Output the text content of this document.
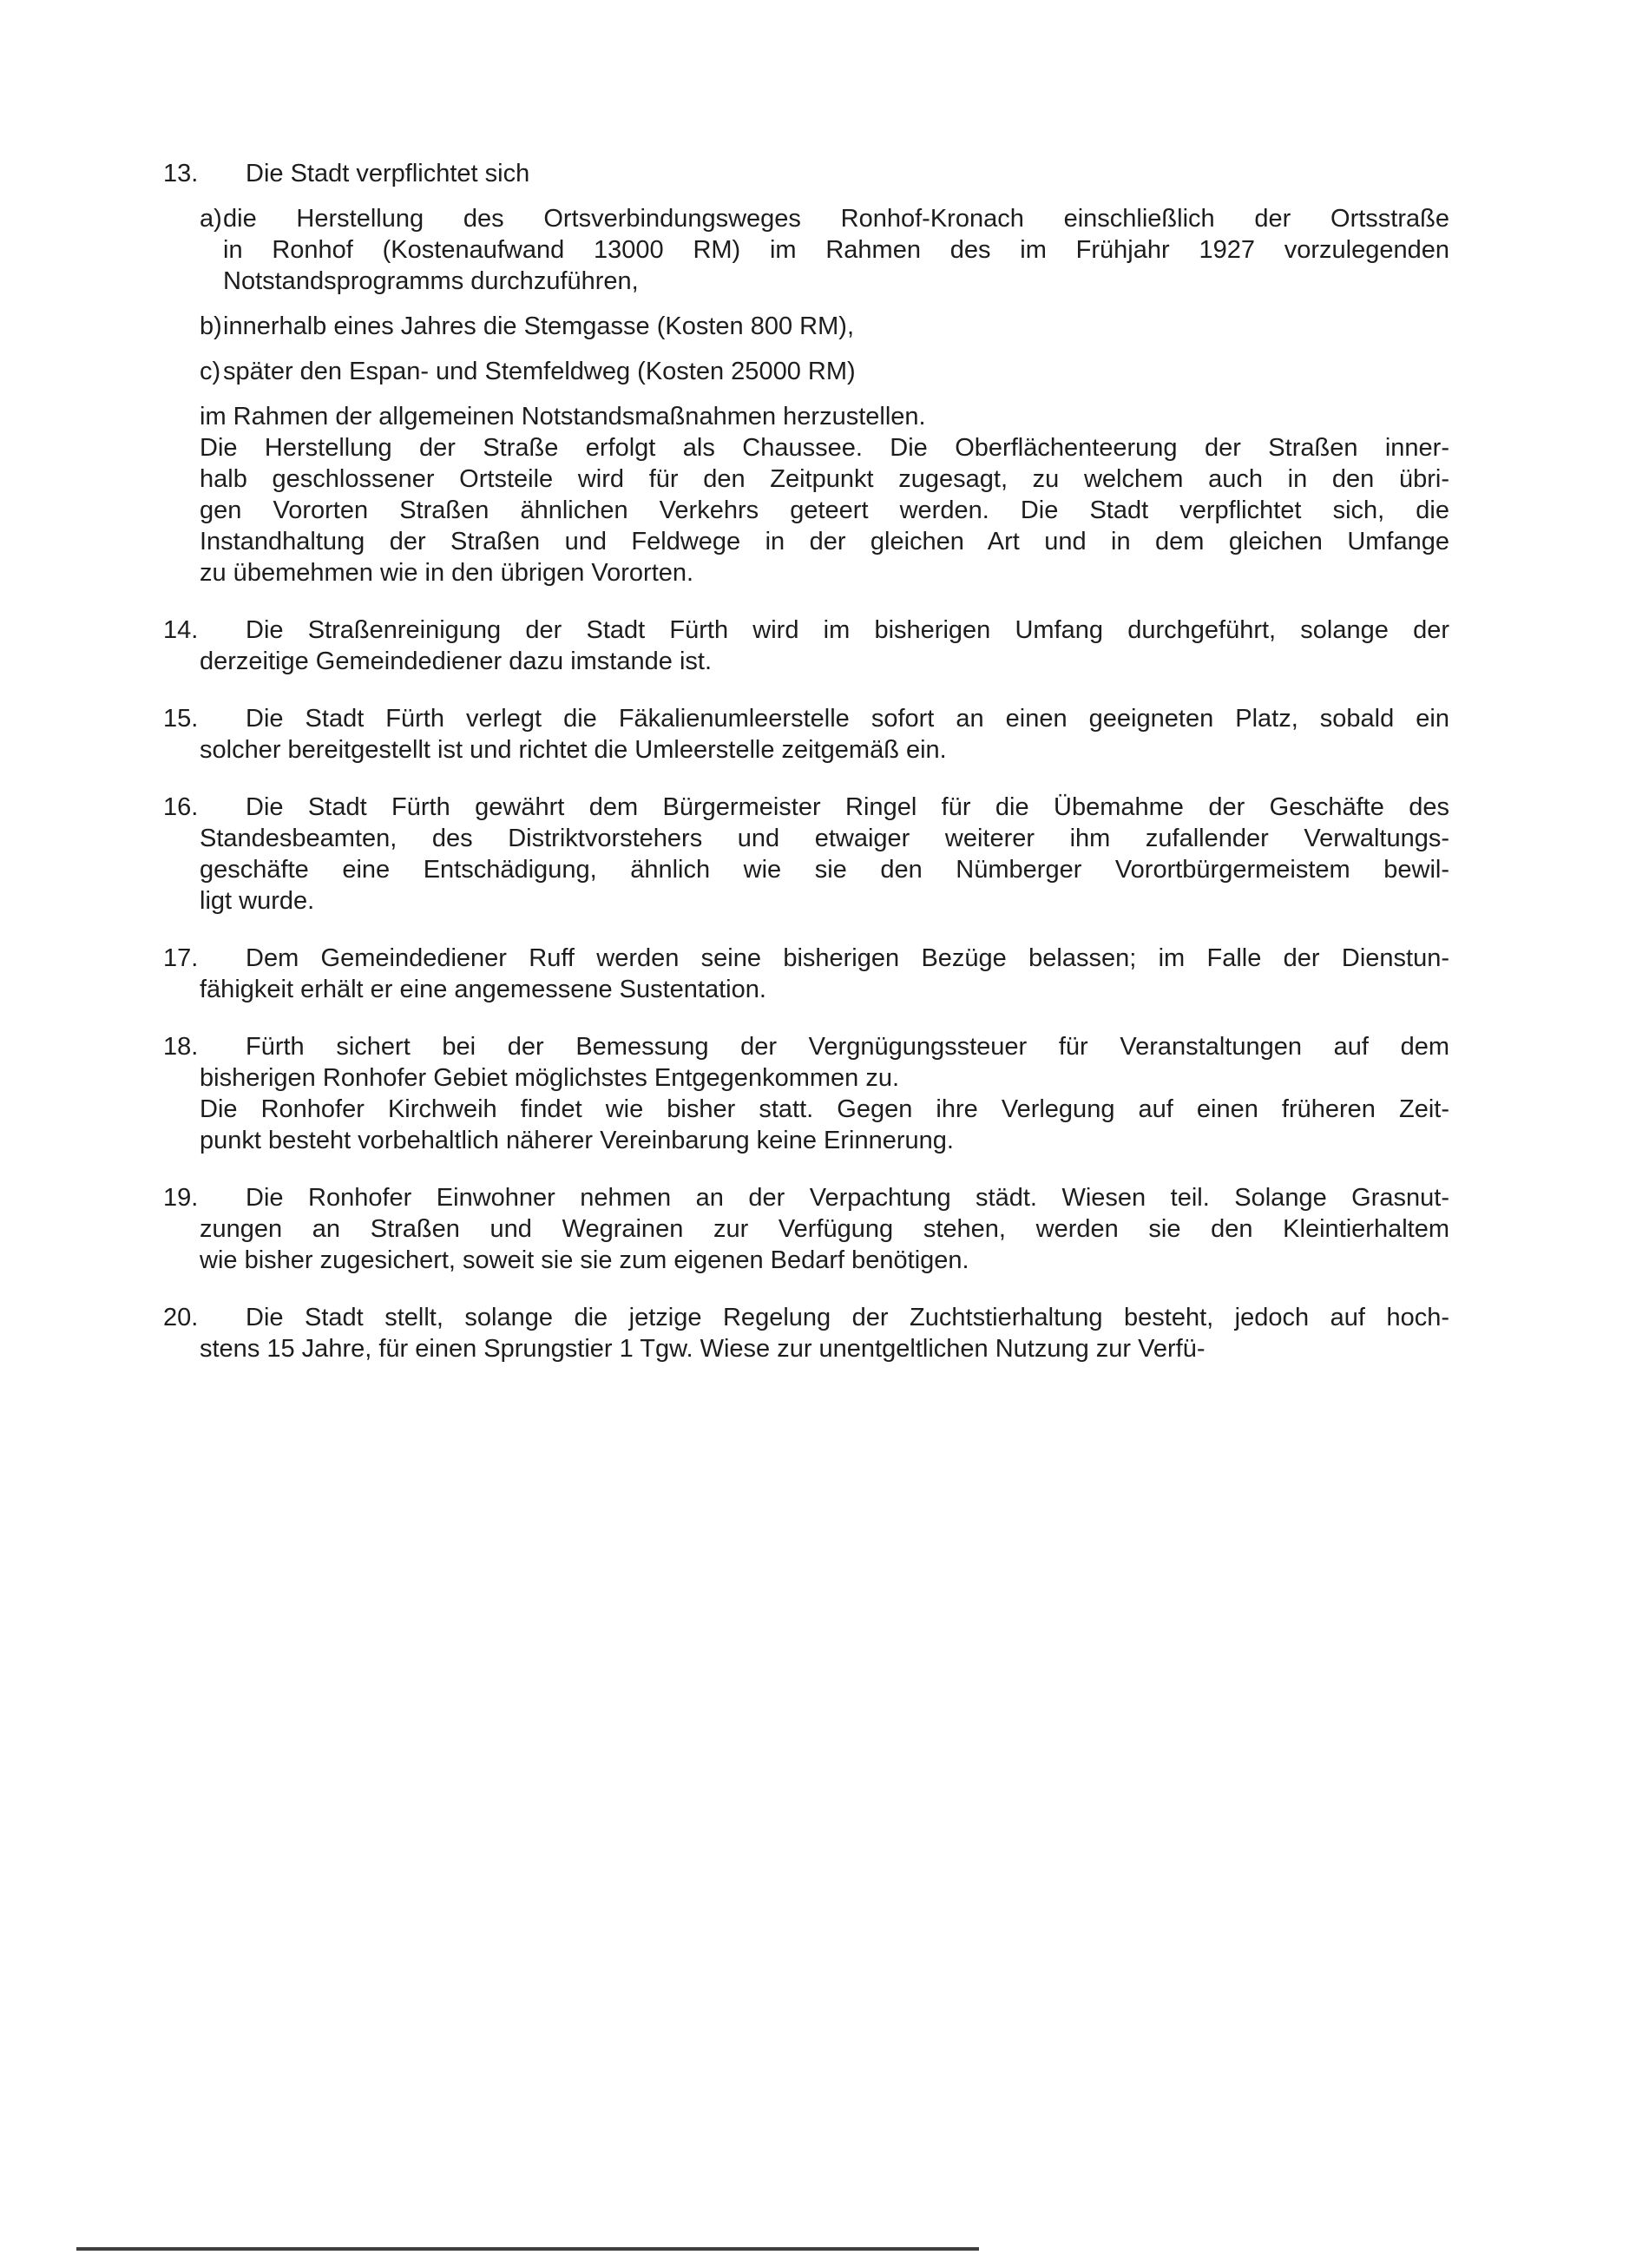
13.	Die Stadt verpflichtet sich
a) die Herstellung des Ortsverbindungsweges Ronhof-Kronach einschließlich der Ortsstraße
in Ronhof (Kostenaufwand 13000 RM) im Rahmen des im Frühjahr 1927 vorzulegenden
Notstandsprogramms durchzuführen,
b) innerhalb eines Jahres die Stemgasse (Kosten 800 RM),
c) später den Espan- und Stemfeldweg (Kosten 25000 RM)
im Rahmen der allgemeinen Notstandsmaßnahmen herzustellen.
Die Herstellung der Straße erfolgt als Chaussee. Die Oberflächenteerung der Straßen inner-
halb geschlossener Ortsteile wird für den Zeitpunkt zugesagt, zu welchem auch in den übri-
gen Vororten Straßen ähnlichen Verkehrs geteert werden. Die Stadt verpflichtet sich, die
Instandhaltung der Straßen und Feldwege in der gleichen Art und in dem gleichen Umfange
zu übemehmen wie in den übrigen Vororten.
14.	Die Straßenreinigung der Stadt Fürth wird im bisherigen Umfang durchgeführt, solange der
derzeitige Gemeindediener dazu imstande ist.
15.	Die Stadt Fürth verlegt die Fäkalienumleerstelle sofort an einen geeigneten Platz, sobald ein
solcher bereitgestellt ist und richtet die Umleerstelle zeitgemäß ein.
16.	Die Stadt Fürth gewährt dem Bürgermeister Ringel für die Übemahme der Geschäfte des
Standesbeamten, des Distriktvorstehers und etwaiger weiterer ihm zufallender Verwaltungs-
geschäfte eine Entschädigung, ähnlich wie sie den Nümberger Vorortbürgermeistem bewil-
ligt wurde.
17.	Dem Gemeindediener Ruff werden seine bisherigen Bezüge belassen; im Falle der Dienstun-
fähigkeit erhält er eine angemessene Sustentation.
18.	Fürth sichert bei der Bemessung der Vergnügungssteuer für Veranstaltungen auf dem
bisherigen Ronhofer Gebiet möglichstes Entgegenkommen zu.
Die Ronhofer Kirchweih findet wie bisher statt. Gegen ihre Verlegung auf einen früheren Zeit-
punkt besteht vorbehaltlich näherer Vereinbarung keine Erinnerung.
19.	Die Ronhofer Einwohner nehmen an der Verpachtung städt. Wiesen teil. Solange Grasnut-
zungen an Straßen und Wegrainen zur Verfügung stehen, werden sie den Kleintierhaltem
wie bisher zugesichert, soweit sie sie zum eigenen Bedarf benötigen.
20.	Die Stadt stellt, solange die jetzige Regelung der Zuchtstierhaltung besteht, jedoch auf hoch-
stens 15 Jahre, für einen Sprungstier 1 Tgw. Wiese zur unentgeltlichen Nutzung zur Verfü-
